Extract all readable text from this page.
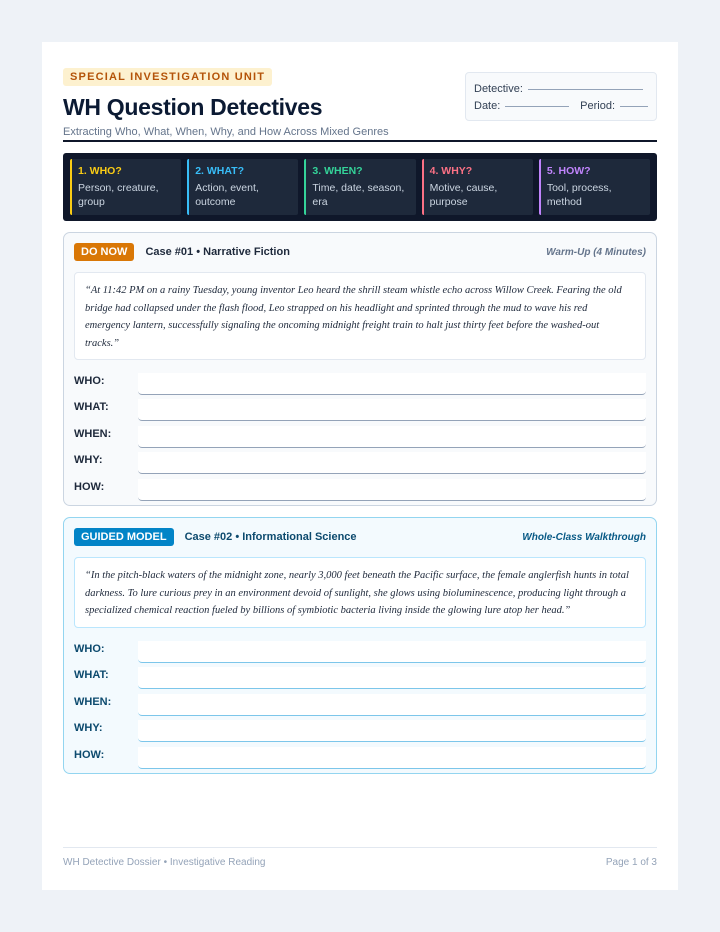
SPECIAL INVESTIGATION UNIT
WH Question Detectives
Extracting Who, What, When, Why, and How Across Mixed Genres
Detective:
Date:	Period:
1. WHO?
Person, creature, group
2. WHAT?
Action, event, outcome
3. WHEN?
Time, date, season, era
4. WHY?
Motive, cause, purpose
5. HOW?
Tool, process, method
DO NOW	Case #01 • Narrative Fiction	Warm-Up (4 Minutes)
“At 11:42 PM on a rainy Tuesday, young inventor Leo heard the shrill steam whistle echo across Willow Creek. Fearing the old bridge had collapsed under the flash flood, Leo strapped on his headlight and sprinted through the mud to wave his red emergency lantern, successfully signaling the oncoming midnight freight train to halt just thirty feet before the washed-out tracks.”
WHO:
WHAT:
WHEN:
WHY:
HOW:
GUIDED MODEL	Case #02 • Informational Science	Whole-Class Walkthrough
“In the pitch-black waters of the midnight zone, nearly 3,000 feet beneath the Pacific surface, the female anglerfish hunts in total darkness. To lure curious prey in an environment devoid of sunlight, she glows using bioluminescence, producing light through a specialized chemical reaction fueled by billions of symbiotic bacteria living inside the glowing lure atop her head.”
WHO:
WHAT:
WHEN:
WHY:
HOW:
WH Detective Dossier • Investigative Reading	Page 1 of 3
